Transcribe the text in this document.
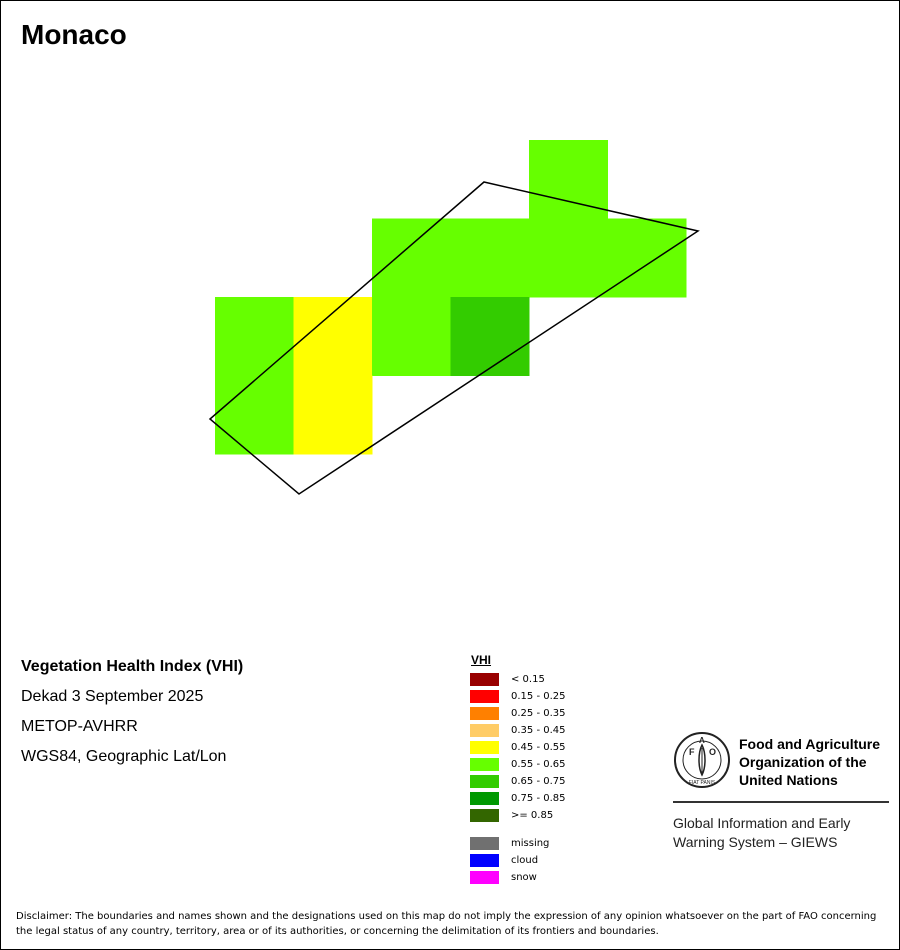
Monaco
Vegetation Health Index (VHI)
Dekad 3 September 2025
METOP-AVHRR
WGS84, Geographic Lat/Lon
VHI
< 0.15
0.15 - 0.25
0.25 - 0.35
0.35 - 0.45
0.45 - 0.55
0.55 - 0.65
0.65 - 0.75
0.75 - 0.85
>= 0.85
missing
cloud
snow
F
A
O
FIAT PANIS
Food and Agriculture
Organization of the
United Nations
Global Information and Early
Warning System – GIEWS
Disclaimer: The boundaries and names shown and the designations used on this map do not imply the expression of any opinion whatsoever on the part of FAO concerning the legal status of any country, territory, area or of its authorities, or concerning the delimitation of its frontiers and boundaries.
